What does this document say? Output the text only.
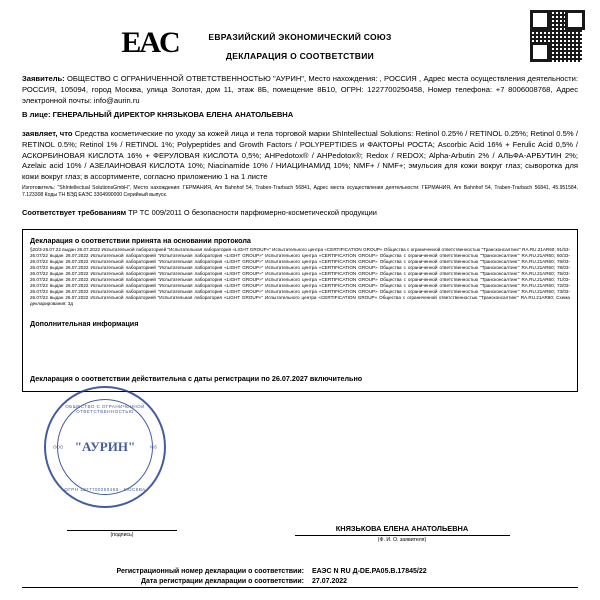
EAC	ЕВРАЗИЙСКИЙ ЭКОНОМИЧЕСКИЙ СОЮЗ
ДЕКЛАРАЦИЯ О СООТВЕТСТВИИ
Заявитель: ОБЩЕСТВО С ОГРАНИЧЕННОЙ ОТВЕТСТВЕННОСТЬЮ "АУРИН", Место нахождения: , РОССИЯ , Адрес места осуществления деятельности: РОССИЯ, 105094, город Москва, улица Золотая, дом 11, этаж 8Б, помещение 8Б10, ОГРН: 1227700250458, Номер телефона: +7 8006008768, Адрес электронной почты: info@aurin.ru
В лице: ГЕНЕРАЛЬНЫЙ ДИРЕКТОР КНЯЗЬКОВА ЕЛЕНА АНАТОЛЬЕВНА
заявляет, что Средства косметические по уходу за кожей лица и тела торговой марки ShIntellectual Solutions: Retinol 0.25% / RETINOL 0.25%; Retinol 0.5% / RETINOL 0.5%; Retinol 1% / RETINOL 1%; Polypeptides and Growth Factors / POLYPEPTIDES и ФАКТОРЫ РОСТА; Ascorbic Acid 16% + Ferulic Acid 0,5% / АСКОРБИНОВАЯ КИСЛОТА 16% + ФЕРУЛОВАЯ КИСЛОТА 0,5%; AHРedotox® / AHРedotox®; Redox / REDOX; Alpha-Arbutin 2% / АЛЬФА-АРБУТИН 2%; Azelaic acid 10% / АЗЕЛАИНОВАЯ КИСЛОТА 10%; Niacinamide 10% / НИАЦИНАМИД 10%; NMF+ / NMF+; эмульсия для кожи вокруг глаз; сыворотка для кожи вокруг глаз; в ассортименте, согласно приложению 1 на 1 листе
Изготовитель: "ShIntellectual SolutionsGmbH", Место нахождения: ГЕРМАНИЯ, Am Bahnhof 54, Traben-Trarbach 56841, Адрес места осуществления деятельности: ГЕРМАНИЯ, Am Bahnhof 54, Traben-Trarbach 56841, 45.951584, 7.123308 Коды ТН ВЭД ЕАЭС 3304990000 Серийный выпуск.
Соответствует требованиям ТР ТС 009/2011 О безопасности парфюмерно-косметической продукции
Декларация о соответствии принята на основании протокола
§20/3-26.07.22 выдан 26.07.2022 Испытательной лабораторией "Испытательная лаборатория «LIGHT GROUP»" Испытательного центра «CERTIFICATION GROUP» Общества с ограниченной ответственностью "Трансконсалтинг" RA.RU.21AR60; 91/53-26.07/22 выдан 26.07.2022 Испытательной лабораторией "Испытательная лаборатория «LIGHT GROUP»" Испытательного центра «CERTIFICATION GROUP» Общества с ограниченной ответственностью "Трансконсалтинг" RA.RU.21AR60; 60/33-26.07/22 выдан 26.07.2022 Испытательной лабораторией "Испытательная лаборатория «LIGHT GROUP»" Испытательного центра «CERTIFICATION GROUP» Общества с ограниченной ответственностью "Трансконсалтинг" RA.RU.21AR60; 76/03-26.07/22 выдан 26.07.2022 Испытательной лабораторией "Испытательная лаборатория «LIGHT GROUP»" Испытательного центра «CERTIFICATION GROUP» Общества с ограниченной ответственностью "Трансконсалтинг" RA.RU.21AR60; 78/03-26.07/22 выдан 26.07.2022 Испытательной лабораторией "Испытательная лаборатория «LIGHT GROUP»" Испытательного центра «CERTIFICATION GROUP» Общества с ограниченной ответственностью "Трансконсалтинг" RA.RU.21AR60; 75/03-26.07/22 выдан 26.07.2022 Испытательной лабораторией "Испытательная лаборатория «LIGHT GROUP»" Испытательного центра «CERTIFICATION GROUP» Общества с ограниченной ответственностью "Трансконсалтинг" RA.RU.21AR60; 71/03-26.07/22 выдан 26.07.2022 Испытательной лабораторией "Испытательная лаборатория «LIGHT GROUP»" Испытательного центра «CERTIFICATION GROUP» Общества с ограниченной ответственностью "Трансконсалтинг" RA.RU.21AR60; 72/03-26.07/22 выдан 26.07.2022 Испытательной лабораторией "Испытательная лаборатория «LIGHT GROUP»" Испытательного центра «CERTIFICATION GROUP» Общества с ограниченной ответственностью "Трансконсалтинг" RA.RU.21AR60; 73/03-26.07/22 выдан 26.07.2022 Испытательной лабораторией "Испытательная лаборатория «LIGHT GROUP»" Испытательного центра «CERTIFICATION GROUP» Общества с ограниченной ответственностью "Трансконсалтинг" RA.RU.21AR60; Схема декларирования: 3д
Дополнительная информация
Декларация о соответствии действительна с даты регистрации по 26.07.2027 включительно
ОБЩЕСТВО С ОГРАНИЧЕННОЙ ОТВЕТСТВЕННОСТЬЮ
"АУРИН"
ООО	№5
ОГРН 1227700250458 · МОСКВА
(подпись)
КНЯЗЬКОВА ЕЛЕНА АНАТОЛЬЕВНА
(Ф. И. О. заявителя)
Регистрационный номер декларации о соответствии:	ЕАЭС N RU Д-DE.РА05.В.17845/22
Дата регистрации декларации о соответствии:	27.07.2022
